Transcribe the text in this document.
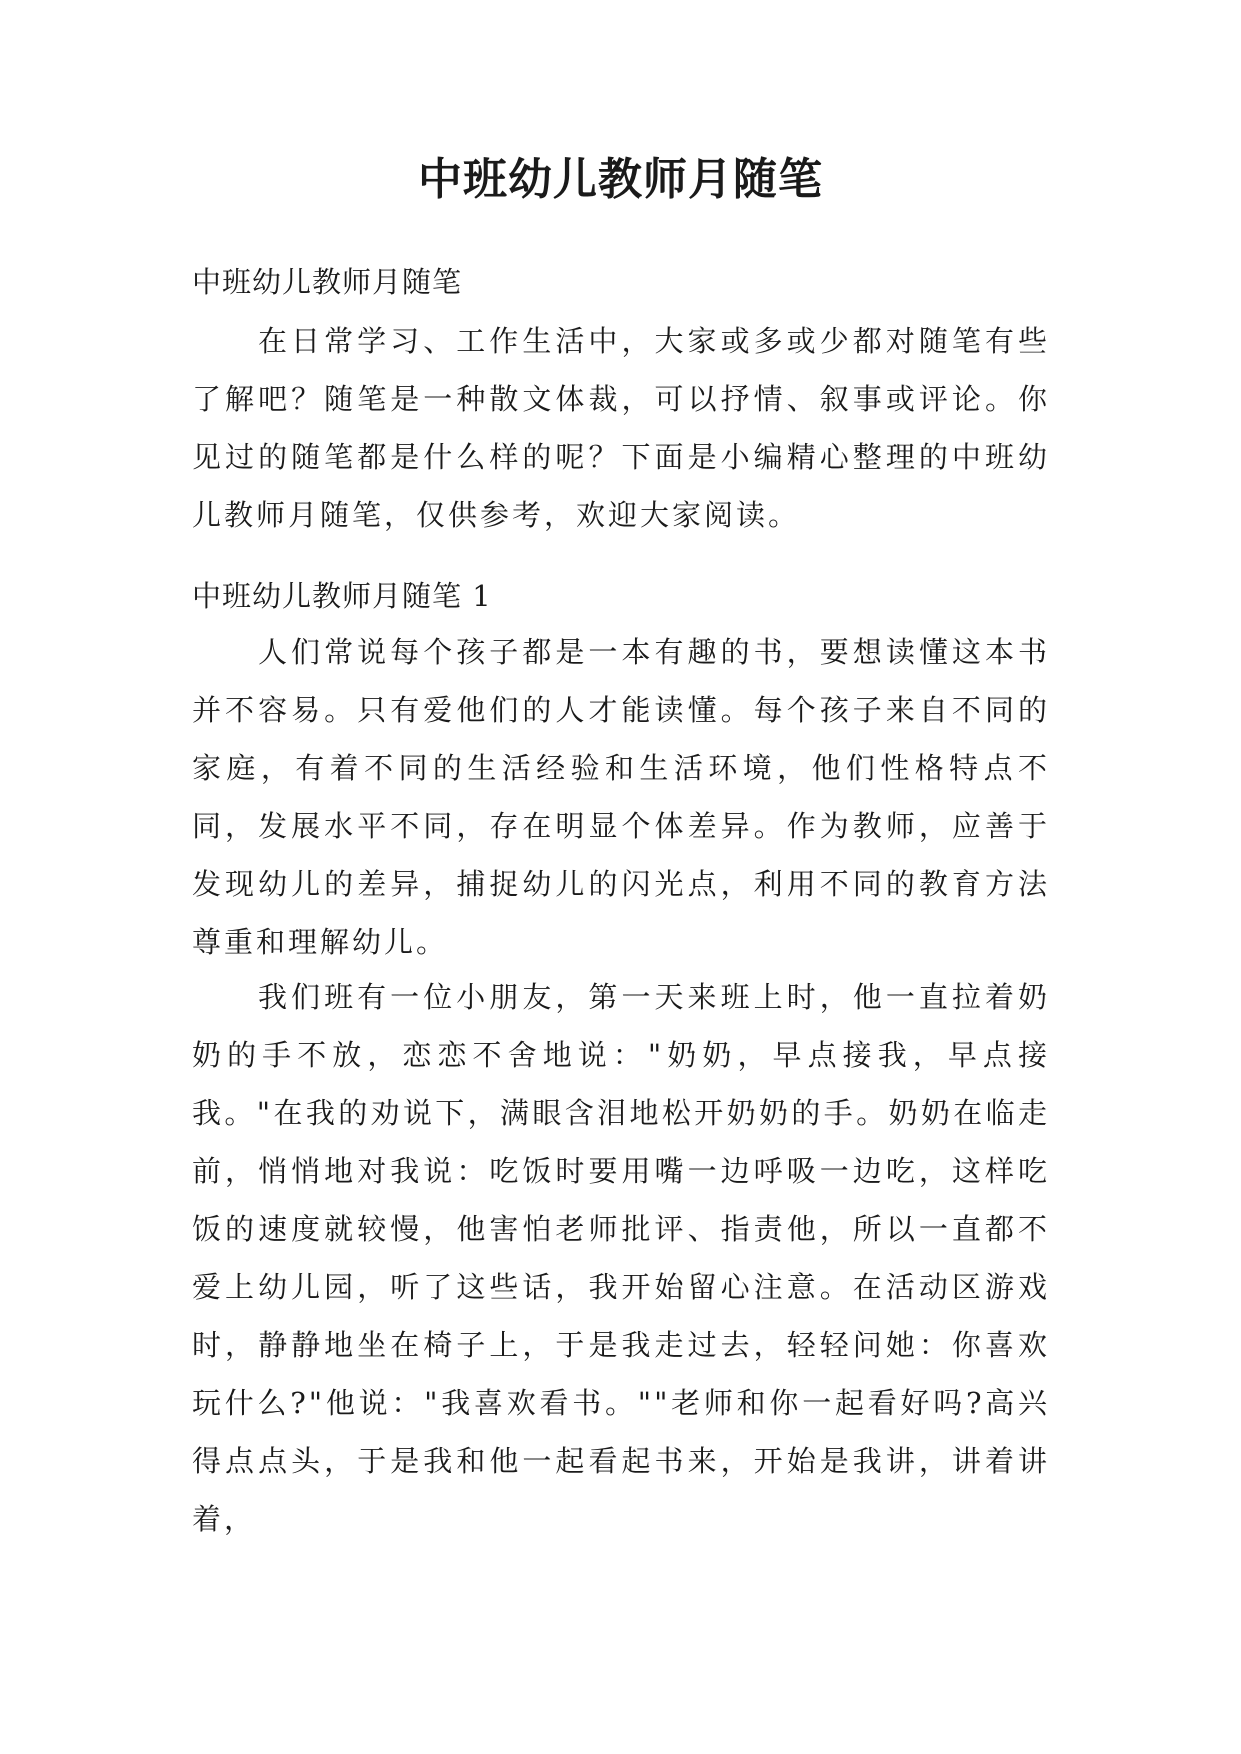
中班幼儿教师月随笔

中班幼儿教师月随笔

在日常学习、工作生活中，大家或多或少都对随笔有些了解吧？随笔是一种散文体裁，可以抒情、叙事或评论。你见过的随笔都是什么样的呢？下面是小编精心整理的中班幼儿教师月随笔，仅供参考，欢迎大家阅读。

中班幼儿教师月随笔 1

人们常说每个孩子都是一本有趣的书，要想读懂这本书并不容易。只有爱他们的人才能读懂。每个孩子来自不同的家庭，有着不同的生活经验和生活环境，他们性格特点不同，发展水平不同，存在明显个体差异。作为教师，应善于发现幼儿的差异，捕捉幼儿的闪光点，利用不同的教育方法尊重和理解幼儿。

我们班有一位小朋友，第一天来班上时，他一直拉着奶奶的手不放，恋恋不舍地说："奶奶，早点接我，早点接我。"在我的劝说下，满眼含泪地松开奶奶的手。奶奶在临走前，悄悄地对我说：吃饭时要用嘴一边呼吸一边吃，这样吃饭的速度就较慢，他害怕老师批评、指责他，所以一直都不爱上幼儿园，听了这些话，我开始留心注意。在活动区游戏时，静静地坐在椅子上，于是我走过去，轻轻问她：你喜欢玩什么?"他说："我喜欢看书。""老师和你一起看好吗?高兴得点点头，于是我和他一起看起书来，开始是我讲，讲着讲着，
